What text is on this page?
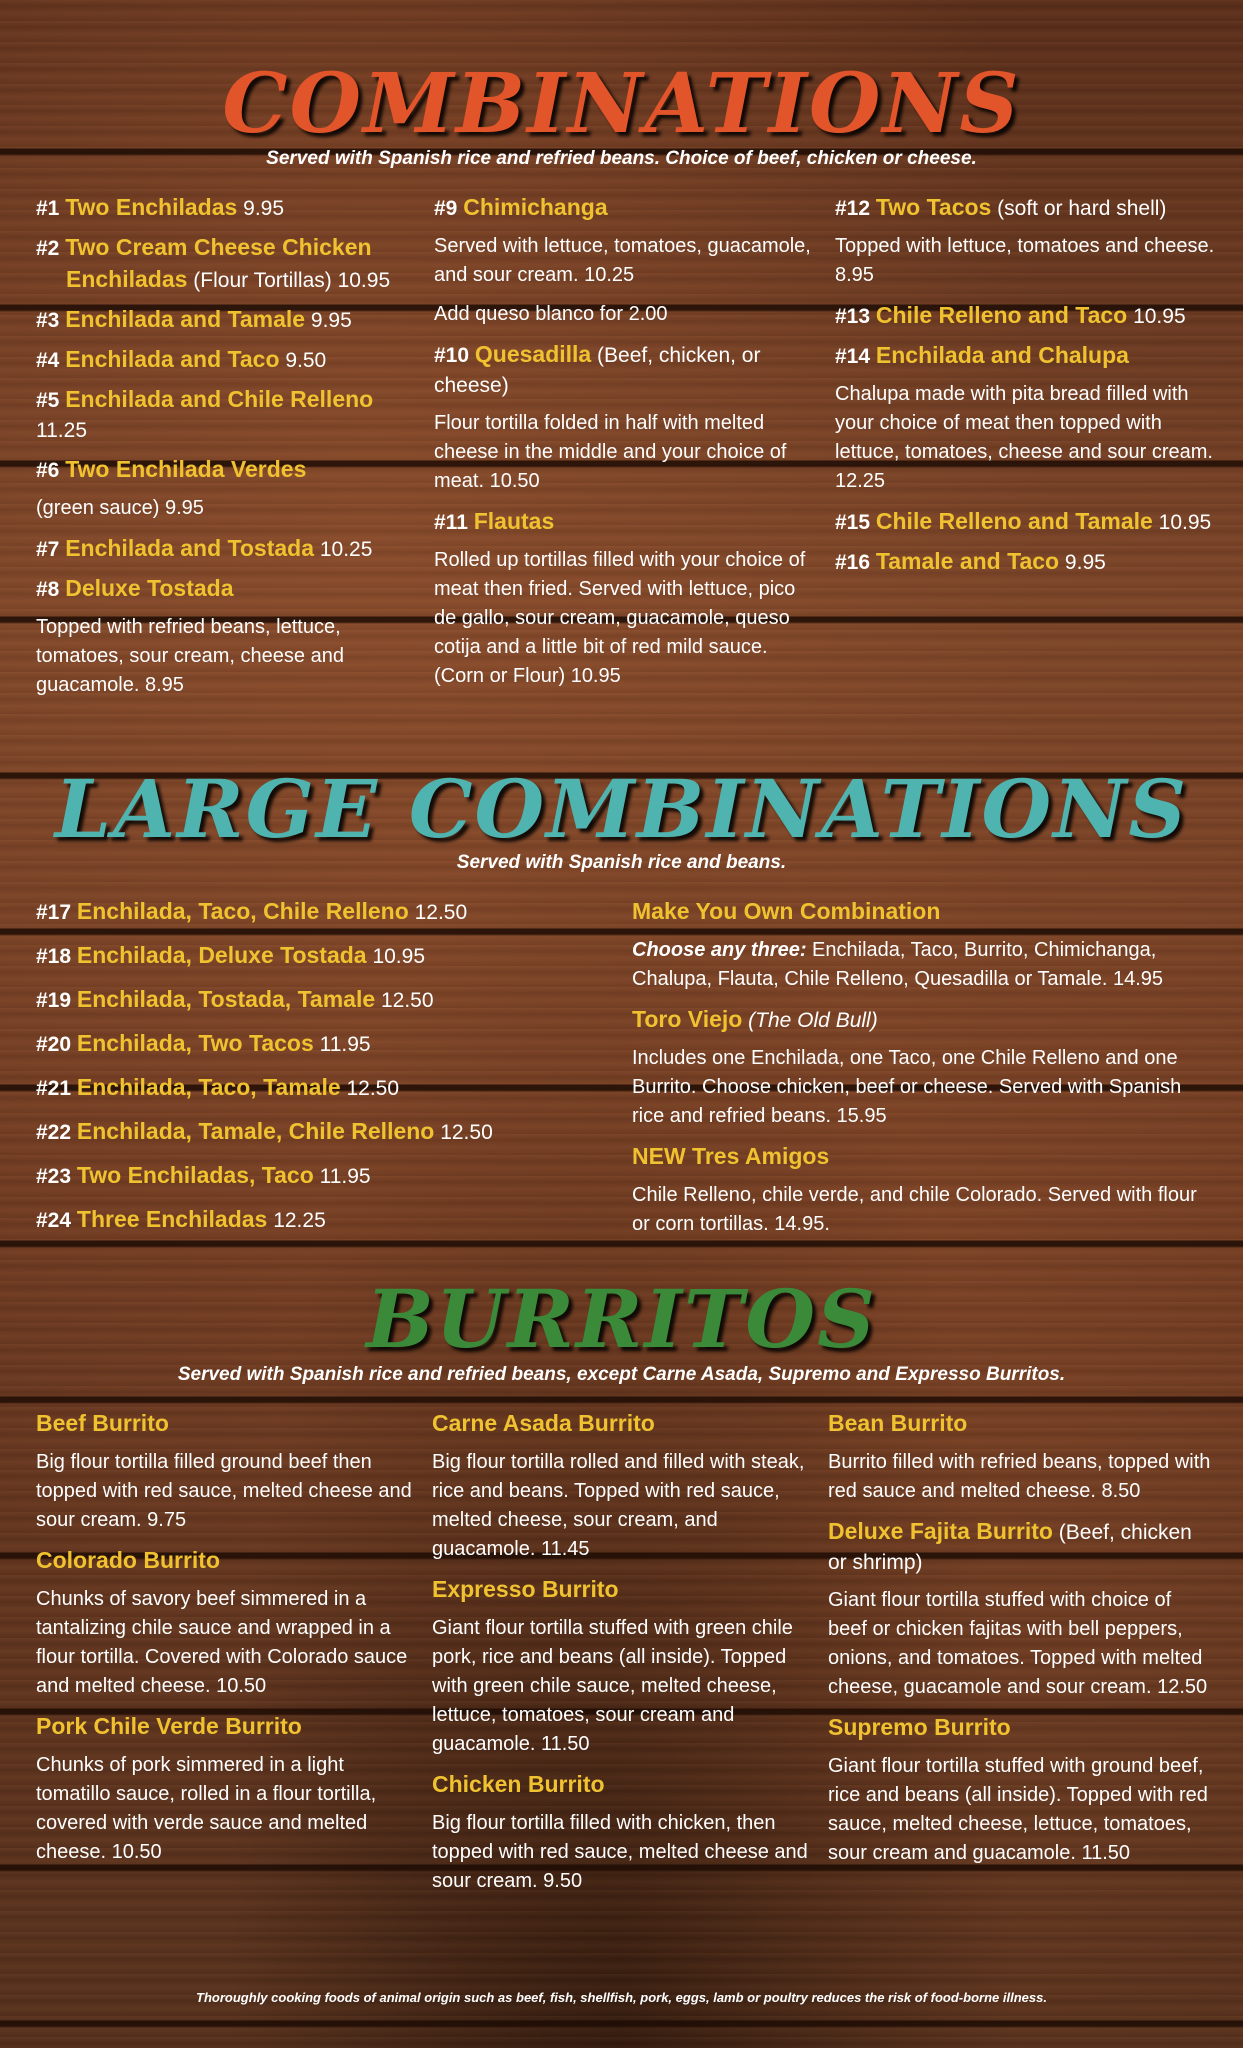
COMBINATIONS

Served with Spanish rice and refried beans. Choice of beef, chicken or cheese.

#1 Two Enchiladas 9.95
#2 Two Cream Cheese Chicken Enchiladas (Flour Tortillas) 10.95
#3 Enchilada and Tamale 9.95
#4 Enchilada and Taco 9.50
#5 Enchilada and Chile Relleno 11.25
#6 Two Enchilada Verdes

(green sauce) 9.95

#7 Enchilada and Tostada 10.25
#8 Deluxe Tostada

Topped with refried beans, lettuce, tomatoes, sour cream, cheese and guacamole. 8.95

#9 Chimichanga

Served with lettuce, tomatoes, guacamole, and sour cream. 10.25

Add queso blanco for 2.00

#10 Quesadilla (Beef, chicken, or cheese)

Flour tortilla folded in half with melted cheese in the middle and your choice of meat. 10.50

#11 Flautas

Rolled up tortillas filled with your choice of meat then fried. Served with lettuce, pico de gallo, sour cream, guacamole, queso cotija and a little bit of red mild sauce. (Corn or Flour) 10.95

#12 Two Tacos (soft or hard shell)

Topped with lettuce, tomatoes and cheese. 8.95

#13 Chile Relleno and Taco 10.95
#14 Enchilada and Chalupa

Chalupa made with pita bread filled with your choice of meat then topped with lettuce, tomatoes, cheese and sour cream. 12.25

#15 Chile Relleno and Tamale 10.95
#16 Tamale and Taco 9.95
LARGE COMBINATIONS

Served with Spanish rice and beans.

#17 Enchilada, Taco, Chile Relleno 12.50
#18 Enchilada, Deluxe Tostada 10.95
#19 Enchilada, Tostada, Tamale 12.50
#20 Enchilada, Two Tacos 11.95
#21 Enchilada, Taco, Tamale 12.50
#22 Enchilada, Tamale, Chile Relleno 12.50
#23 Two Enchiladas, Taco 11.95
#24 Three Enchiladas 12.25
Make You Own Combination

Choose any three: Enchilada, Taco, Burrito, Chimichanga, Chalupa, Flauta, Chile Relleno, Quesadilla or Tamale. 14.95

Toro Viejo (The Old Bull)

Includes one Enchilada, one Taco, one Chile Relleno and one Burrito. Choose chicken, beef or cheese. Served with Spanish rice and refried beans. 15.95

NEW Tres Amigos

Chile Relleno, chile verde, and chile Colorado. Served with flour or corn tortillas. 14.95.

BURRITOS

Served with Spanish rice and refried beans, except Carne Asada, Supremo and Expresso Burritos.

Beef Burrito

Big flour tortilla filled ground beef then topped with red sauce, melted cheese and sour cream. 9.75

Colorado Burrito

Chunks of savory beef simmered in a tantalizing chile sauce and wrapped in a flour tortilla. Covered with Colorado sauce and melted cheese. 10.50

Pork Chile Verde Burrito

Chunks of pork simmered in a light tomatillo sauce, rolled in a flour tortilla, covered with verde sauce and melted cheese. 10.50

Carne Asada Burrito

Big flour tortilla rolled and filled with steak, rice and beans. Topped with red sauce, melted cheese, sour cream, and guacamole. 11.45

Expresso Burrito

Giant flour tortilla stuffed with green chile pork, rice and beans (all inside). Topped with green chile sauce, melted cheese, lettuce, tomatoes, sour cream and guacamole. 11.50

Chicken Burrito

Big flour tortilla filled with chicken, then topped with red sauce, melted cheese and sour cream. 9.50

Bean Burrito

Burrito filled with refried beans, topped with red sauce and melted cheese. 8.50

Deluxe Fajita Burrito (Beef, chicken or shrimp)

Giant flour tortilla stuffed with choice of beef or chicken fajitas with bell peppers, onions, and tomatoes. Topped with melted cheese, guacamole and sour cream. 12.50

Supremo Burrito

Giant flour tortilla stuffed with ground beef, rice and beans (all inside). Topped with red sauce, melted cheese, lettuce, tomatoes, sour cream and guacamole. 11.50

Thoroughly cooking foods of animal origin such as beef, fish, shellfish, pork, eggs, lamb or poultry reduces the risk of food-borne illness.
